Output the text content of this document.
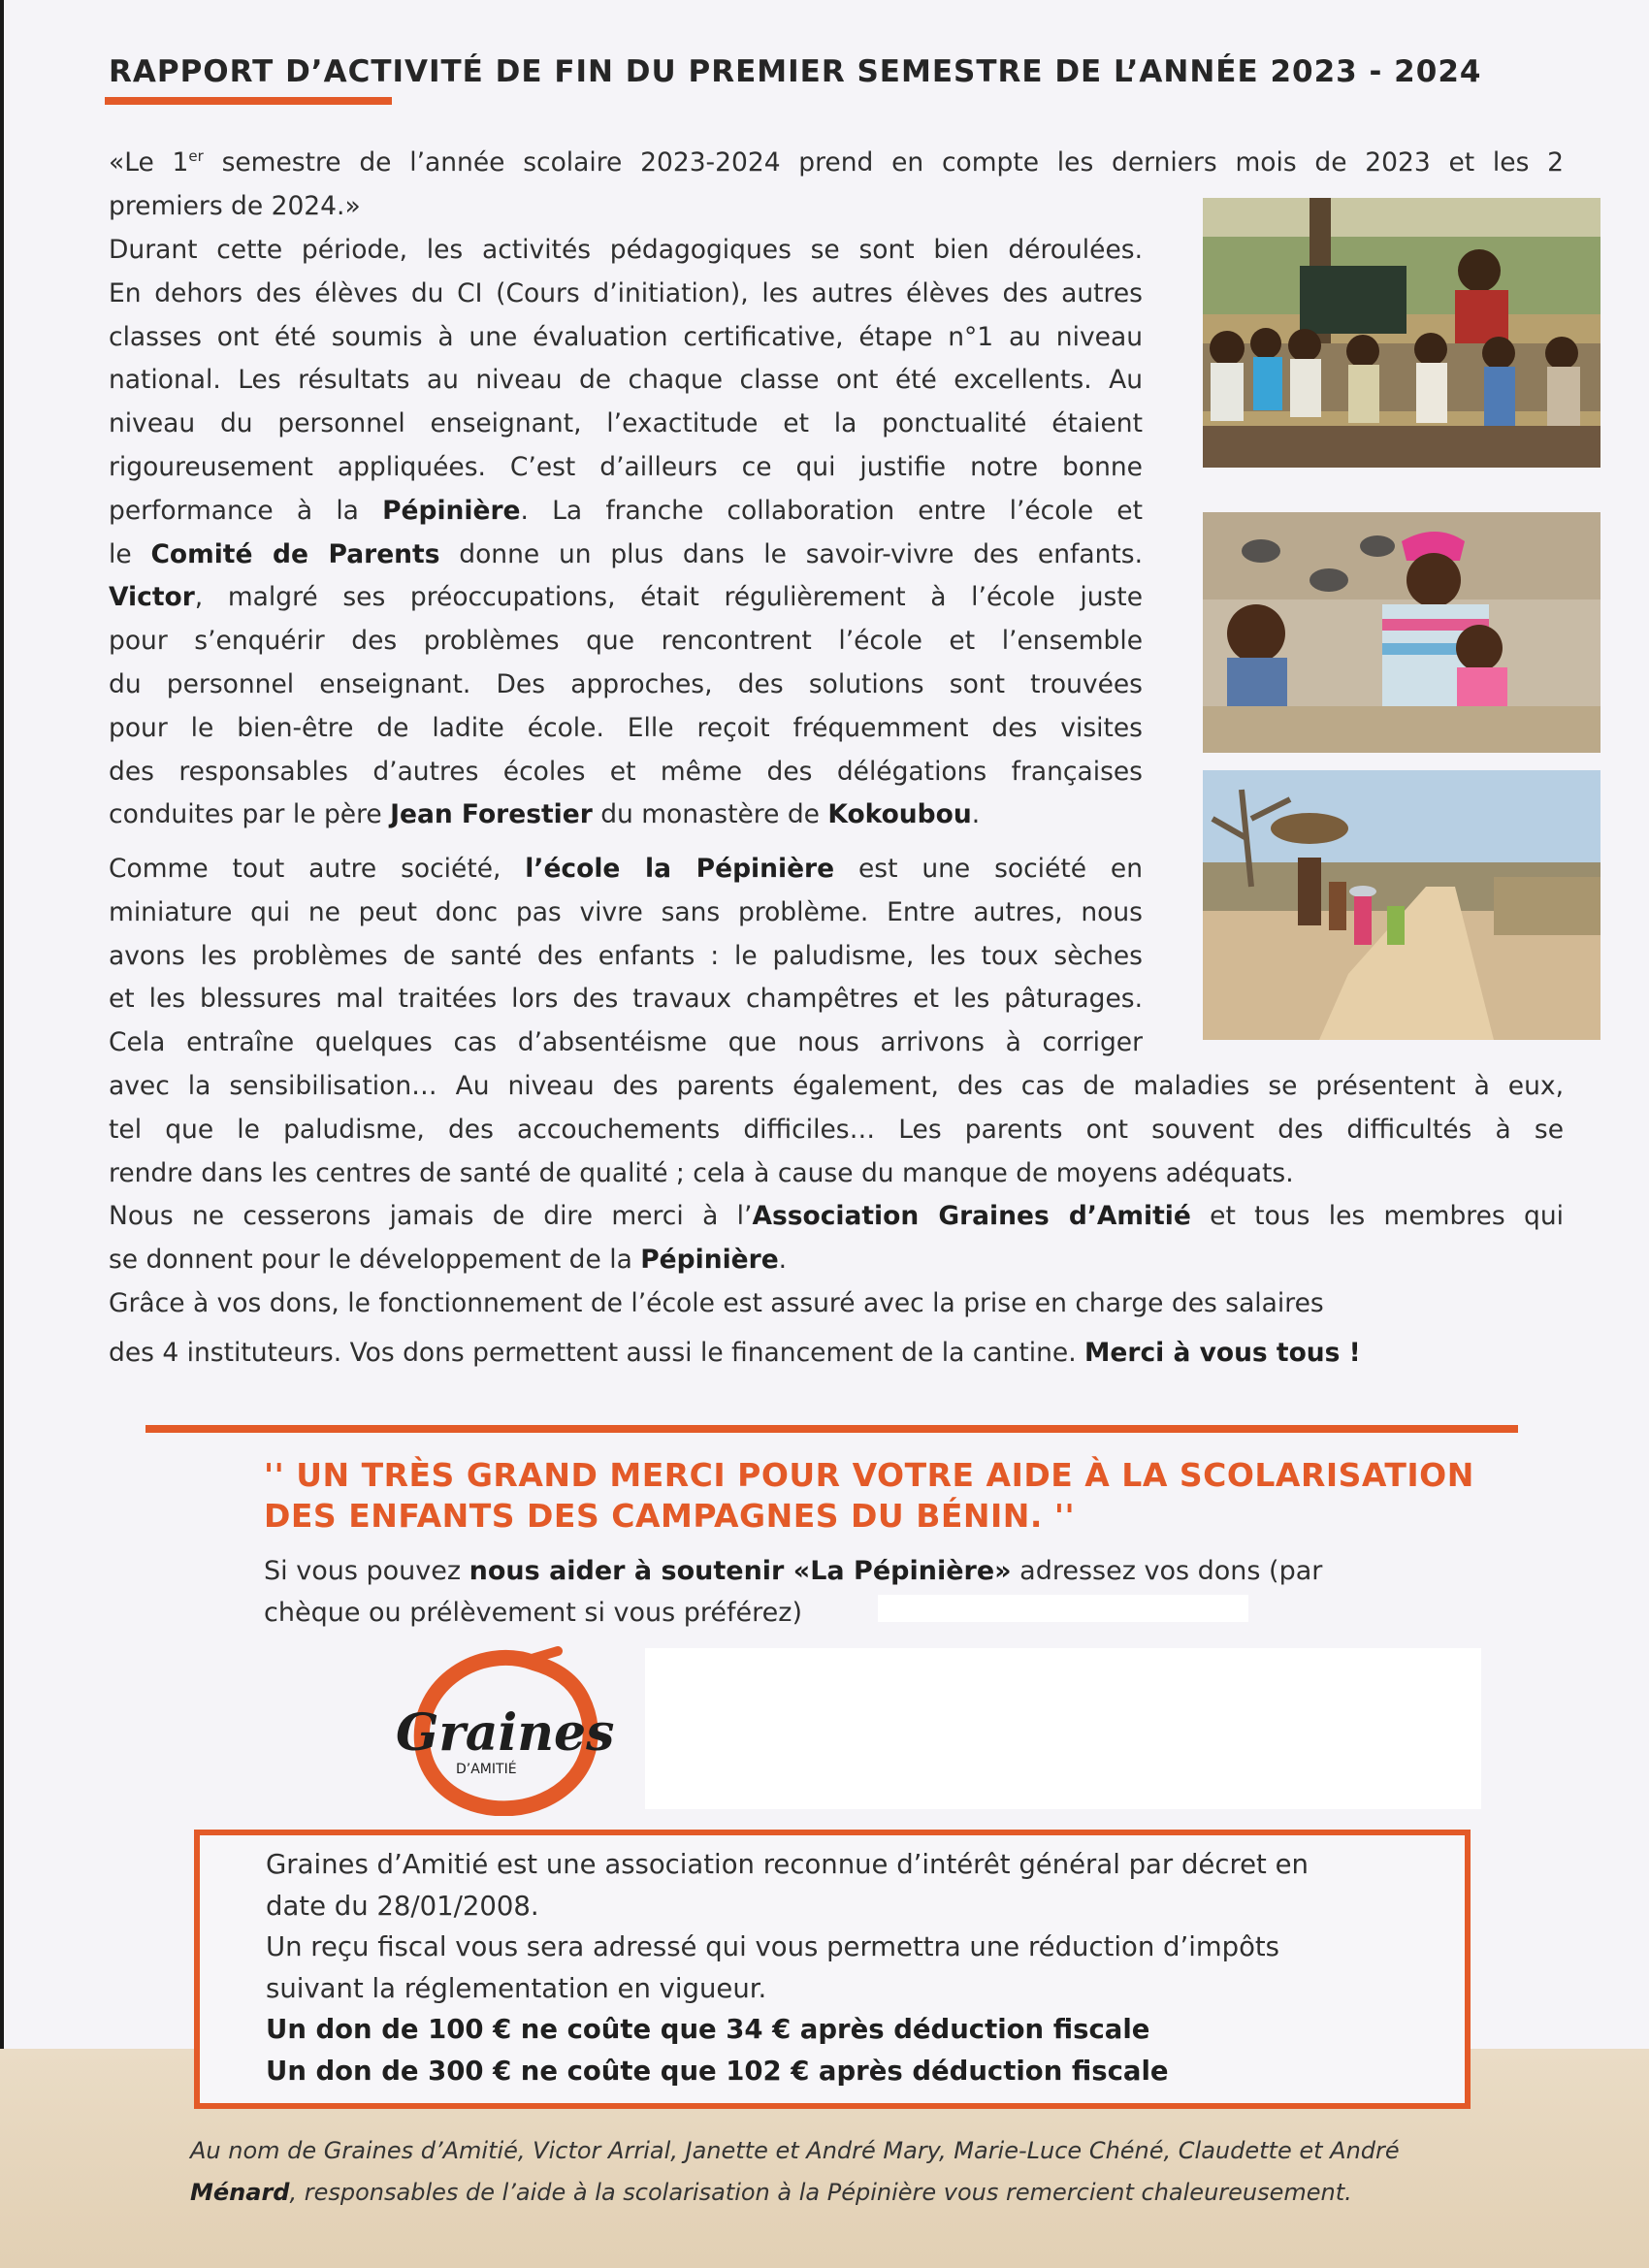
RAPPORT D’ACTIVITÉ DE FIN DU PREMIER SEMESTRE DE L’ANNÉE 2023 - 2024
«Le 1er semestre de l’année scolaire 2023-2024 prend en compte les derniers mois de 2023 et les 2
premiers de 2024.»
Durant cette période, les activités pédagogiques se sont bien déroulées.
En dehors des élèves du CI (Cours d’initiation), les autres élèves des autres
classes ont été soumis à une évaluation certificative, étape n°1 au niveau
national. Les résultats au niveau de chaque classe ont été excellents. Au
niveau du personnel enseignant, l’exactitude et la ponctualité étaient
rigoureusement appliquées. C’est d’ailleurs ce qui justifie notre bonne
performance à la Pépinière. La franche collaboration entre l’école et
le Comité de Parents donne un plus dans le savoir-vivre des enfants.
Victor, malgré ses préoccupations, était régulièrement à l’école juste
pour s’enquérir des problèmes que rencontrent l’école et l’ensemble
du personnel enseignant. Des approches, des solutions sont trouvées
pour le bien-être de ladite école. Elle reçoit fréquemment des visites
des responsables d’autres écoles et même des délégations françaises
conduites par le père Jean Forestier du monastère de Kokoubou.
Comme tout autre société, l’école la Pépinière est une société en
miniature qui ne peut donc pas vivre sans problème. Entre autres, nous
avons les problèmes de santé des enfants : le paludisme, les toux sèches
et les blessures mal traitées lors des travaux champêtres et les pâturages.
Cela entraîne quelques cas d’absentéisme que nous arrivons à corriger
avec la sensibilisation… Au niveau des parents également, des cas de maladies se présentent à eux,
tel que le paludisme, des accouchements difficiles… Les parents ont souvent des difficultés à se
rendre dans les centres de santé de qualité ; cela à cause du manque de moyens adéquats.
Nous ne cesserons jamais de dire merci à l’Association Graines d’Amitié et tous les membres qui
se donnent pour le développement de la Pépinière.
Grâce à vos dons, le fonctionnement de l’école est assuré avec la prise en charge des salaires
des 4 instituteurs. Vos dons permettent aussi le financement de la cantine. Merci à vous tous !
'' UN TRÈS GRAND MERCI POUR VOTRE AIDE À LA SCOLARISATION
DES ENFANTS DES CAMPAGNES DU BÉNIN. ''
Si vous pouvez nous aider à soutenir «La Pépinière» adressez vos dons (par
chèque ou prélèvement si vous préférez)
Graines
D’AMITIÉ
Graines d’Amitié est une association reconnue d’intérêt général par décret en
date du 28/01/2008.
Un reçu fiscal vous sera adressé qui vous permettra une réduction d’impôts
suivant la réglementation en vigueur.
Un don de 100 € ne coûte que 34 € après déduction fiscale
Un don de 300 € ne coûte que 102 € après déduction fiscale
Au nom de Graines d’Amitié, Victor Arrial, Janette et André Mary, Marie-Luce Chéné, Claudette et André
Ménard, responsables de l’aide à la scolarisation à la Pépinière vous remercient chaleureusement.
